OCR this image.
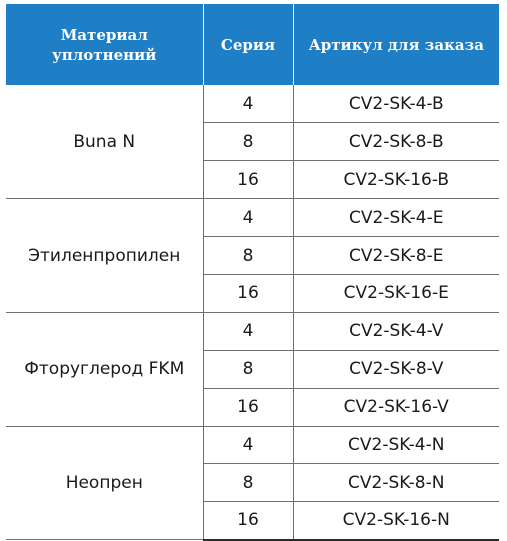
Материал уплотнений	Серия	Артикул для заказа
Buna N	4	CV2-SK-4-B
	8	CV2-SK-8-B
	16	CV2-SK-16-B
Этиленпропилен	4	CV2-SK-4-E
	8	CV2-SK-8-E
	16	CV2-SK-16-E
Фторуглерод FKM	4	CV2-SK-4-V
	8	CV2-SK-8-V
	16	CV2-SK-16-V
Неопрен	4	CV2-SK-4-N
	8	CV2-SK-8-N
	16	CV2-SK-16-N
